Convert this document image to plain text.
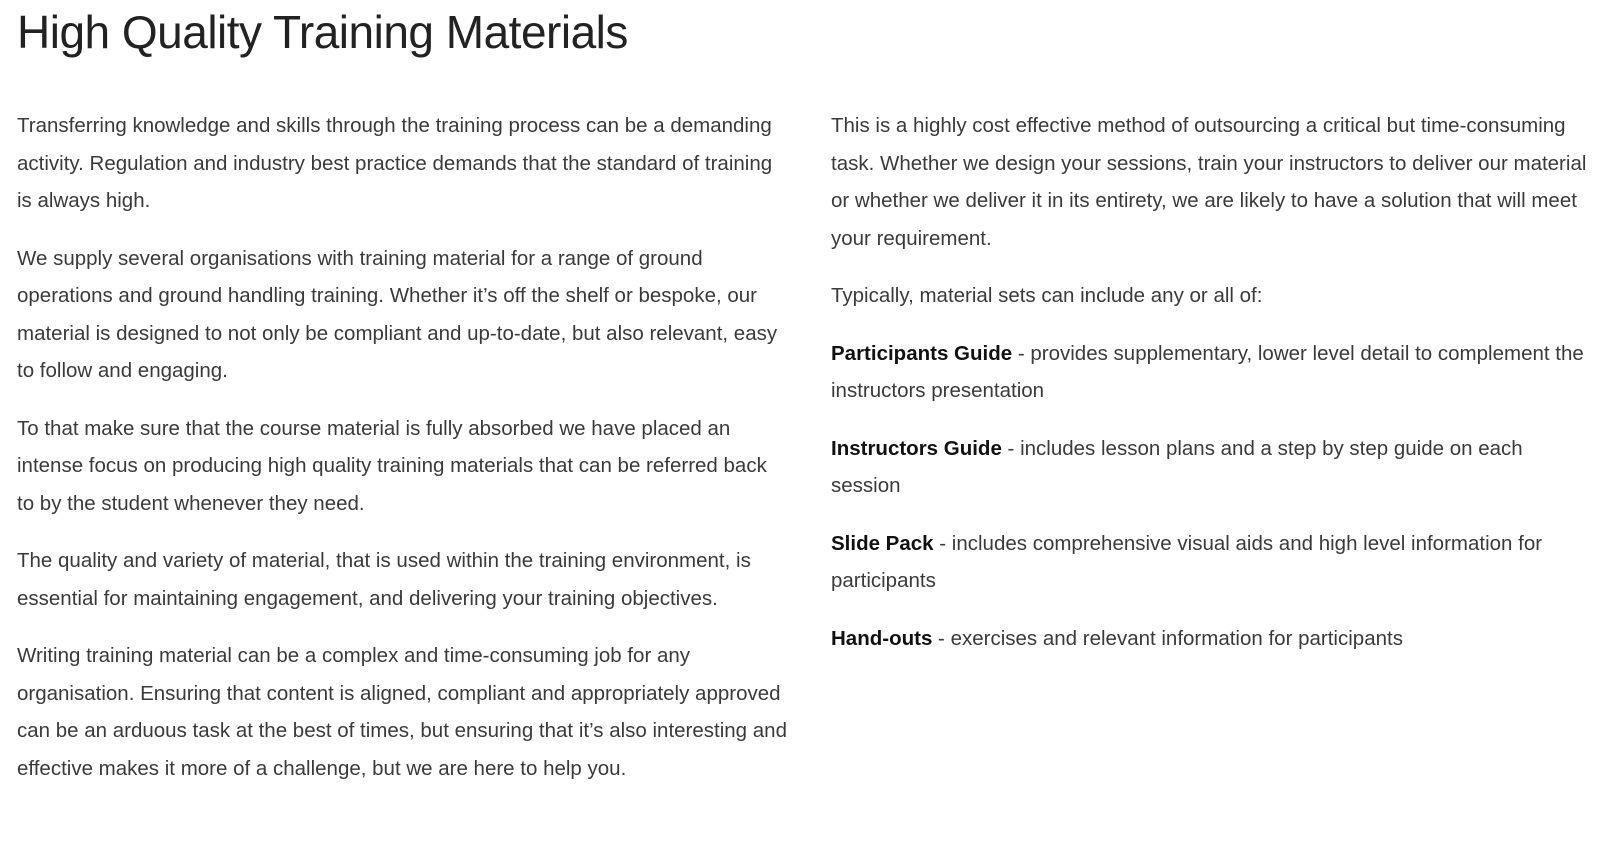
High Quality Training Materials

Transferring knowledge and skills through the training process can be a demanding activity. Regulation and industry best practice demands that the standard of training is always high.

We supply several organisations with training material for a range of ground operations and ground handling training. Whether it’s off the shelf or bespoke, our material is designed to not only be compliant and up-to-date, but also relevant, easy to follow and engaging.

To that make sure that the course material is fully absorbed we have placed an intense focus on producing high quality training materials that can be referred back to by the student whenever they need.

The quality and variety of material, that is used within the training environment, is essential for maintaining engagement, and delivering your training objectives.

Writing training material can be a complex and time-consuming job for any organisation. Ensuring that content is aligned, compliant and appropriately approved can be an arduous task at the best of times, but ensuring that it’s also interesting and effective makes it more of a challenge, but we are here to help you.

This is a highly cost effective method of outsourcing a critical but time-consuming task. Whether we design your sessions, train your instructors to deliver our material or whether we deliver it in its entirety, we are likely to have a solution that will meet your requirement.

Typically, material sets can include any or all of:

Participants Guide - provides supplementary, lower level detail to complement the instructors presentation

Instructors Guide - includes lesson plans and a step by step guide on each session

Slide Pack - includes comprehensive visual aids and high level information for participants

Hand-outs - exercises and relevant information for participants
